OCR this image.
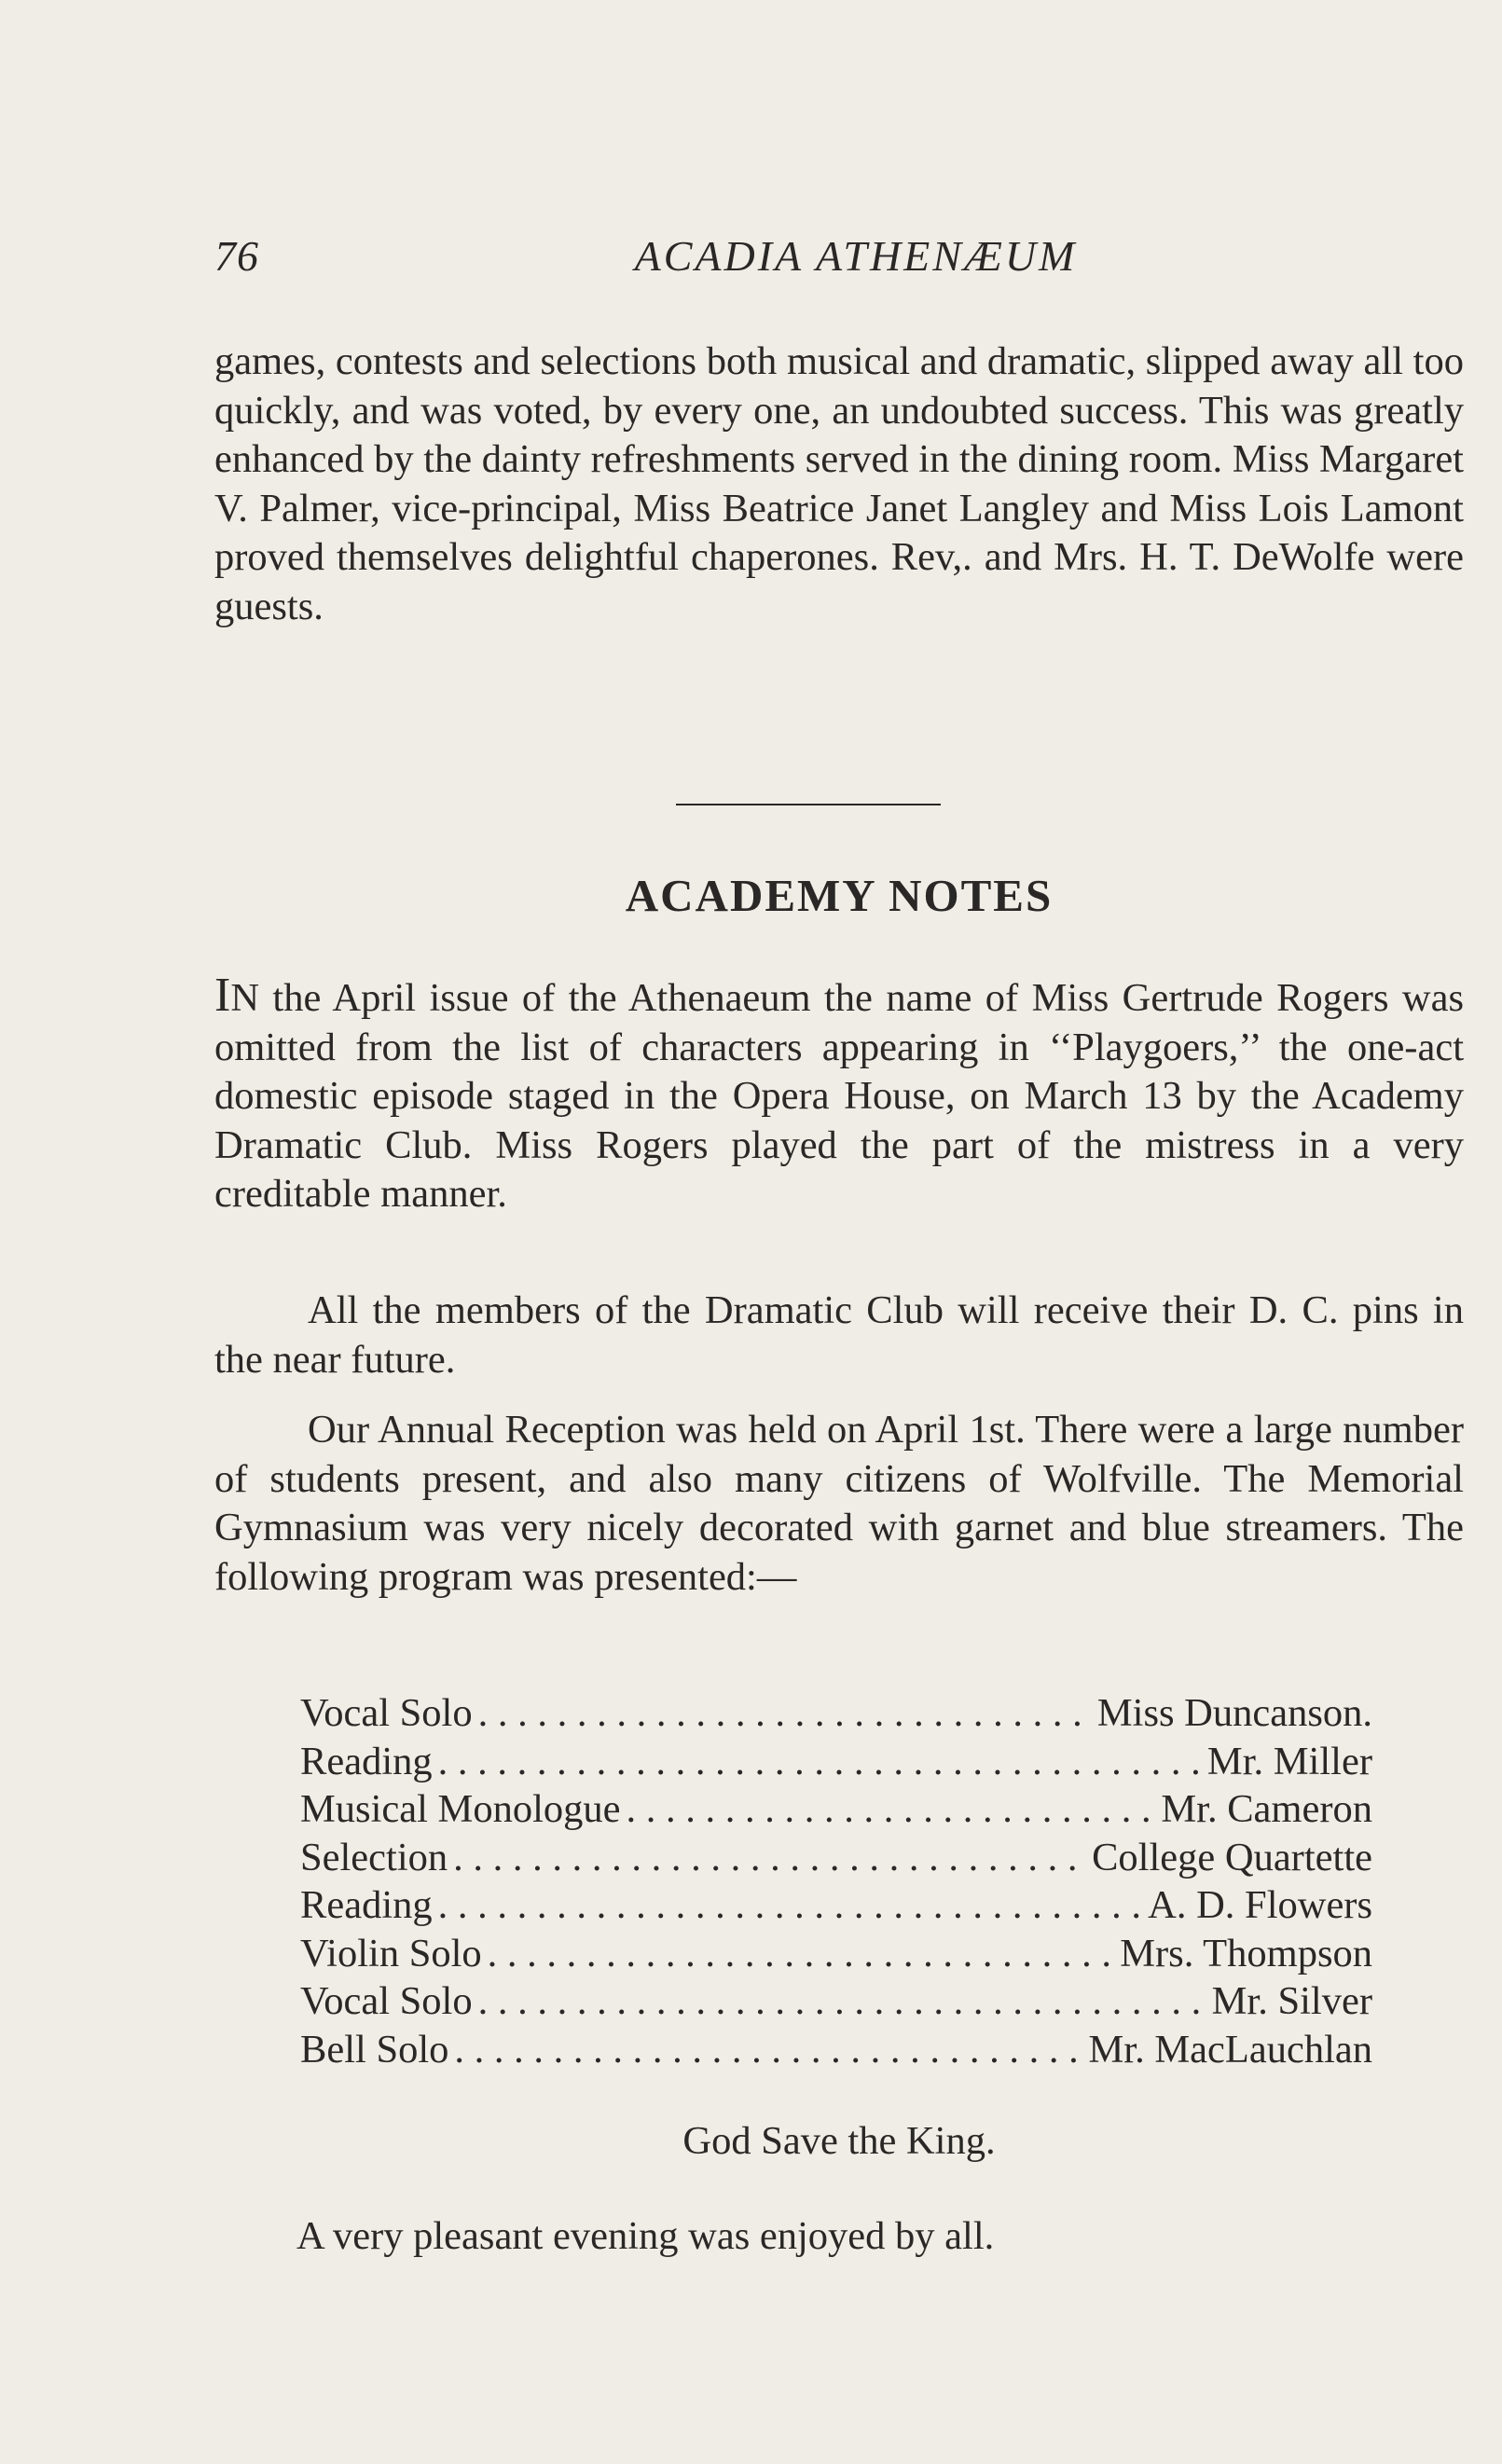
76	ACADIA ATHENÆUM

games, contests and selections both musical and dramatic, slipped away all too quickly, and was voted, by every one, an undoubted success. This was greatly enhanced by the dainty refreshments served in the dining room. Miss Margaret V. Palmer, vice-principal, Miss Beatrice Janet Langley and Miss Lois Lamont proved themselves delightful chaperones. Rev,. and Mrs. H. T. DeWolfe were guests.

ACADEMY NOTES

IN the April issue of the Athenaeum the name of Miss Gertrude Rogers was omitted from the list of characters appearing in ‘‘Playgoers,’’ the one-act domestic episode staged in the Opera House, on March 13 by the Academy Dramatic Club. Miss Rogers played the part of the mistress in a very creditable manner.

All the members of the Dramatic Club will receive their D. C. pins in the near future.

Our Annual Reception was held on April 1st. There were a large number of students present, and also many citizens of Wolfville. The Memorial Gymnasium was very nicely decorated with garnet and blue streamers. The following program was presented:—

Vocal Solo . . .	Miss Duncanson.
Reading . . .	Mr. Miller
Musical Monologue . . .	Mr. Cameron
Selection . . .	College Quartette
Reading . . .	A. D. Flowers
Violin Solo . . .	Mrs. Thompson
Vocal Solo . . .	Mr. Silver
Bell Solo . . .	Mr. MacLauchlan

God Save the King.

A very pleasant evening was enjoyed by all.
